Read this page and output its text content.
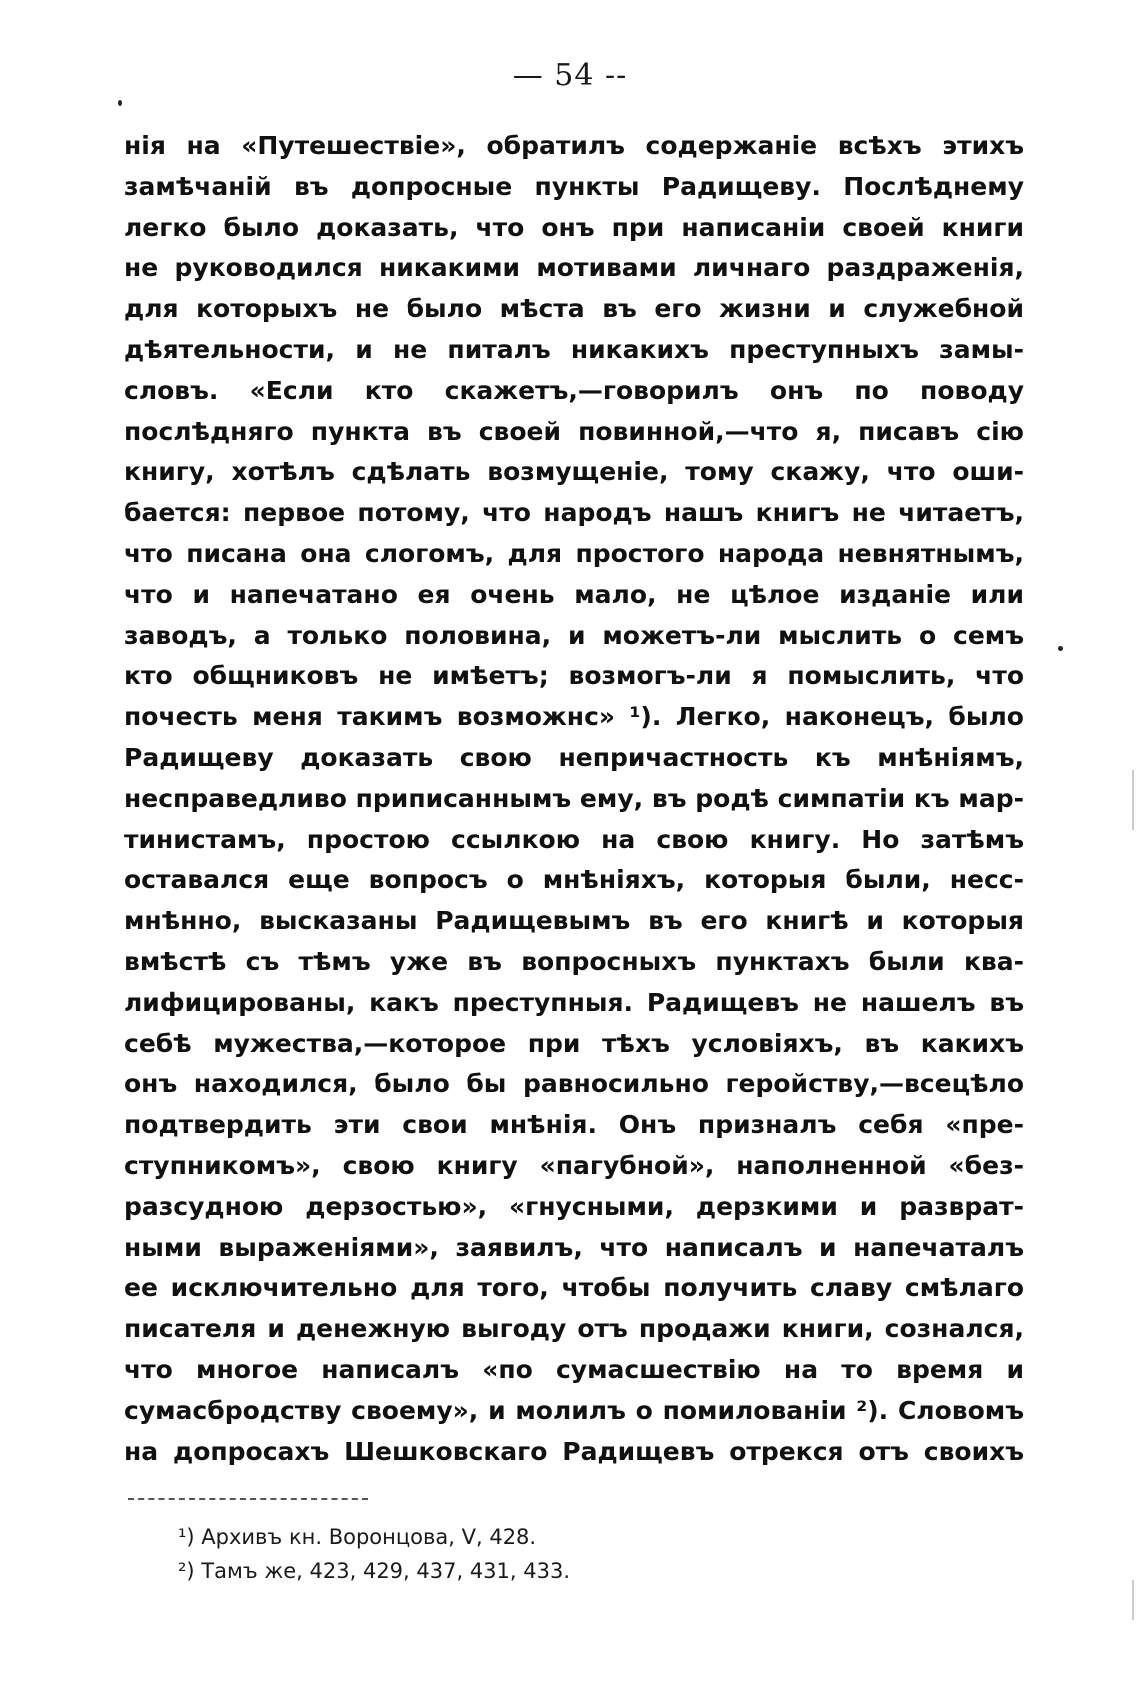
— 54 --
нія на «Путешествіе», обратилъ содержаніе всѣхъ этихъ
замѣчаній въ допросные пункты Радищеву. Послѣднему
легко было доказать, что онъ при написаніи своей книги
не руководился никакими мотивами личнаго раздраженія,
для которыхъ не было мѣста въ его жизни и служебной
дѣятельности, и не питалъ никакихъ преступныхъ замы-
словъ. «Если кто скажетъ,—говорилъ онъ по поводу
послѣдняго пункта въ своей повинной,—что я, писавъ сію
книгу, хотѣлъ сдѣлать возмущеніе, тому скажу, что оши-
бается: первое потому, что народъ нашъ книгъ не читаетъ,
что писана она слогомъ, для простого народа невнятнымъ,
что и напечатано ея очень мало, не цѣлое изданіе или
заводъ, а только половина, и можетъ-ли мыслить о семъ
кто общниковъ не имѣетъ; возмогъ-ли я помыслить, что
почесть меня такимъ возможнс» ¹). Легко, наконецъ, было
Радищеву доказать свою непричастность къ мнѣніямъ,
несправедливо приписаннымъ ему, въ родѣ симпатіи къ мар-
тинистамъ, простою ссылкою на свою книгу. Но затѣмъ
оставался еще вопросъ о мнѣніяхъ, которыя были, несс-
мнѣнно, высказаны Радищевымъ въ его книгѣ и которыя
вмѣстѣ съ тѣмъ уже въ вопросныхъ пунктахъ были ква-
лифицированы, какъ преступныя. Радищевъ не нашелъ въ
себѣ мужества,—которое при тѣхъ условіяхъ, въ какихъ
онъ находился, было бы равносильно геройству,—всецѣло
подтвердить эти свои мнѣнія. Онъ призналъ себя «пре-
ступникомъ», свою книгу «пагубной», наполненной «без-
разсудною дерзостью», «гнусными, дерзкими и разврат-
ными выраженіями», заявилъ, что написалъ и напечаталъ
ее исключительно для того, чтобы получить славу смѣлаго
писателя и денежную выгоду отъ продажи книги, сознался,
что многое написалъ «по сумасшествію на то время и
сумасбродству своему», и молилъ о помилованіи ²). Словомъ
на допросахъ Шешковскаго Радищевъ отрекся отъ своихъ
¹) Архивъ кн. Воронцова, V, 428.
²) Тамъ же, 423, 429, 437, 431, 433.
